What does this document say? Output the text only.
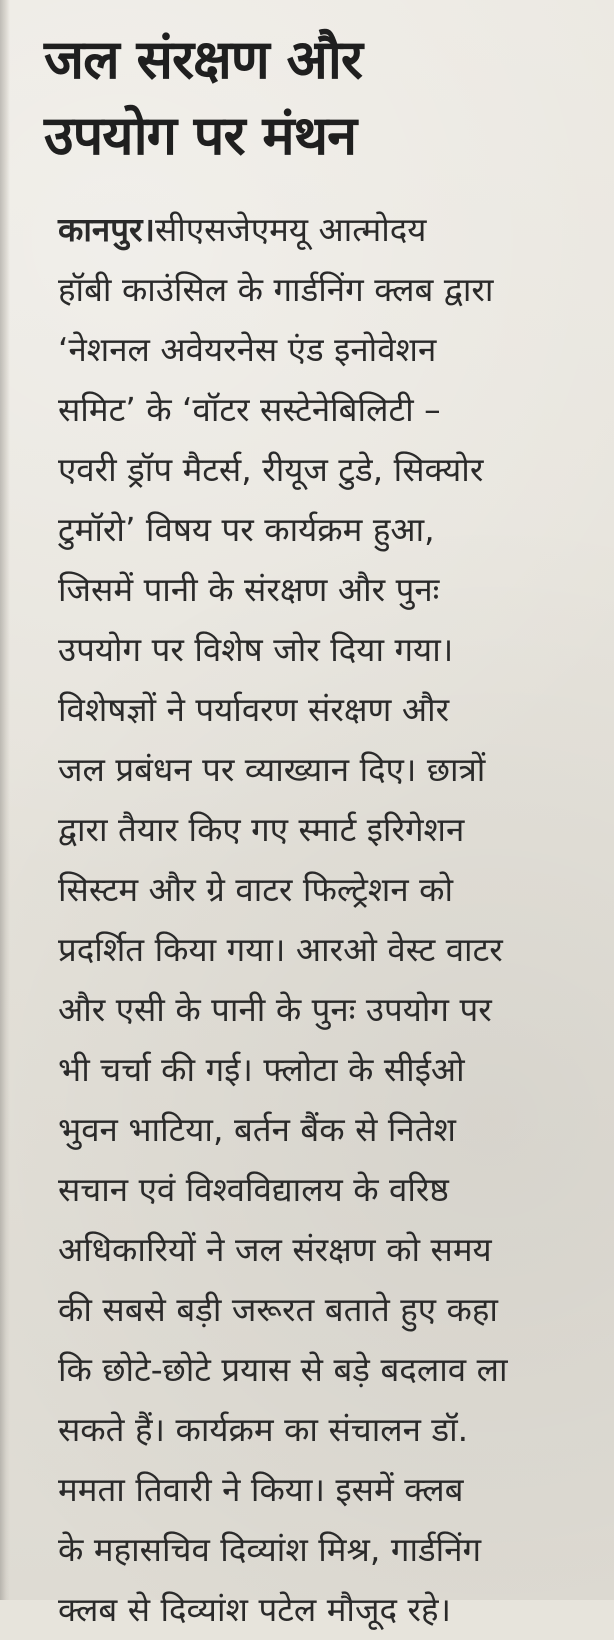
जल संरक्षण और
उपयोग पर मंथन
कानपुर।सीएसजेएमयू आत्मोदय
हॉबी काउंसिल के गार्डनिंग क्लब द्वारा
‘नेशनल अवेयरनेस एंड इनोवेशन
समिट’ के ‘वॉटर सस्टेनेबिलिटी –
एवरी ड्रॉप मैटर्स, रीयूज टुडे, सिक्योर
टुमॉरो’ विषय पर कार्यक्रम हुआ,
जिसमें पानी के संरक्षण और पुनः
उपयोग पर विशेष जोर दिया गया।
विशेषज्ञों ने पर्यावरण संरक्षण और
जल प्रबंधन पर व्याख्यान दिए। छात्रों
द्वारा तैयार किए गए स्मार्ट इरिगेशन
सिस्टम और ग्रे वाटर फिल्ट्रेशन को
प्रदर्शित किया गया। आरओ वेस्ट वाटर
और एसी के पानी के पुनः उपयोग पर
भी चर्चा की गई। फ्लोटा के सीईओ
भुवन भाटिया, बर्तन बैंक से नितेश
सचान एवं विश्वविद्यालय के वरिष्ठ
अधिकारियों ने जल संरक्षण को समय
की सबसे बड़ी जरूरत बताते हुए कहा
कि छोटे-छोटे प्रयास से बड़े बदलाव ला
सकते हैं। कार्यक्रम का संचालन डॉ.
ममता तिवारी ने किया। इसमें क्लब
के महासचिव दिव्यांश मिश्र, गार्डनिंग
क्लब से दिव्यांश पटेल मौजूद रहे।
